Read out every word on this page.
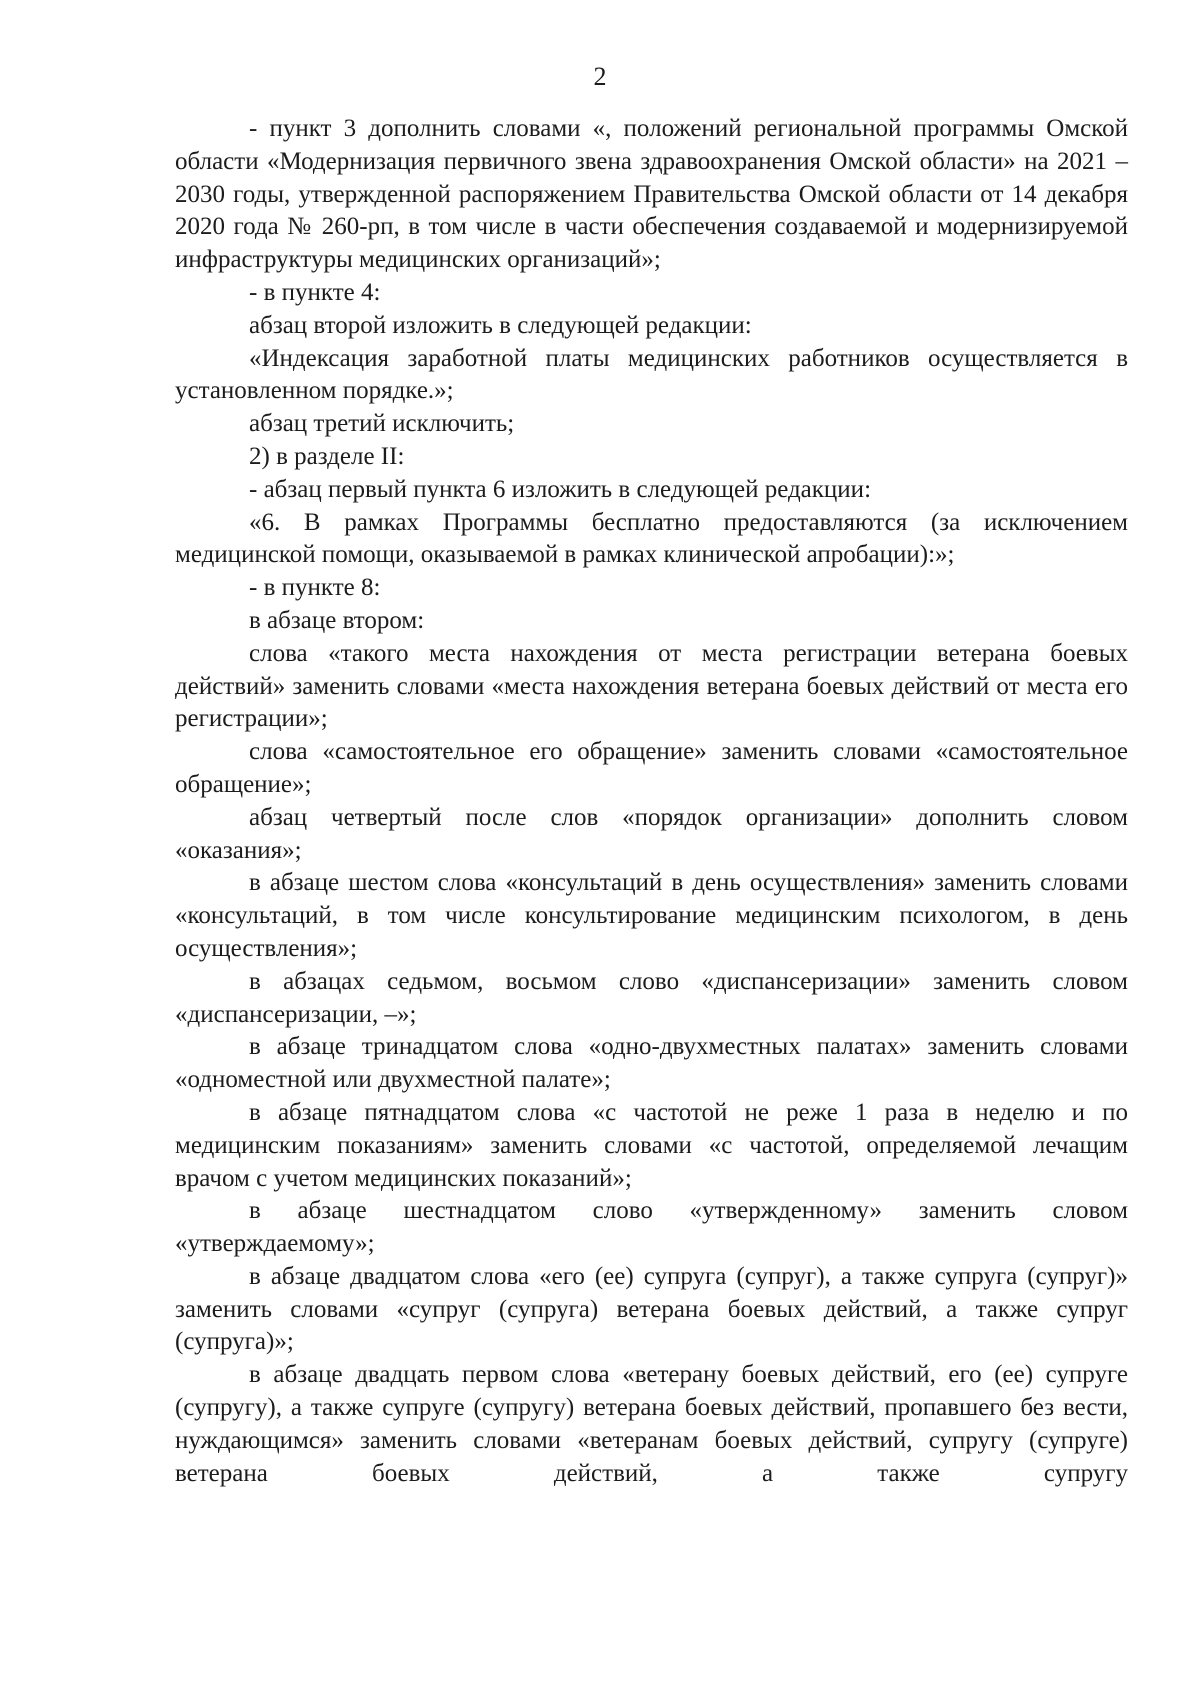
2

- пункт 3 дополнить словами «, положений региональной программы Омской области «Модернизация первичного звена здравоохранения Омской области» на 2021 – 2030 годы, утвержденной распоряжением Правительства Омской области от 14 декабря 2020 года № 260-рп, в том числе в части обеспечения создаваемой и модернизируемой инфраструктуры медицинских организаций»;

- в пункте 4:

абзац второй изложить в следующей редакции:

«Индексация заработной платы медицинских работников осуществляется в установленном порядке.»;

абзац третий исключить;

2) в разделе II:

- абзац первый пункта 6 изложить в следующей редакции:

«6. В рамках Программы бесплатно предоставляются (за исключением медицинской помощи, оказываемой в рамках клинической апробации):»;

- в пункте 8:

в абзаце втором:

слова «такого места нахождения от места регистрации ветерана боевых действий» заменить словами «места нахождения ветерана боевых действий от места его регистрации»;

слова «самостоятельное его обращение» заменить словами «самостоятельное обращение»;

абзац четвертый после слов «порядок организации» дополнить словом «оказания»;

в абзаце шестом слова «консультаций в день осуществления» заменить словами «консультаций, в том числе консультирование медицинским психологом, в день осуществления»;

в абзацах седьмом, восьмом слово «диспансеризации» заменить словом «диспансеризации, –»;

в абзаце тринадцатом слова «одно-двухместных палатах» заменить словами «одноместной или двухместной палате»;

в абзаце пятнадцатом слова «с частотой не реже 1 раза в неделю и по медицинским показаниям» заменить словами «с частотой, определяемой лечащим врачом с учетом медицинских показаний»;

в абзаце шестнадцатом слово «утвержденному» заменить словом «утверждаемому»;

в абзаце двадцатом слова «его (ее) супруга (супруг), а также супруга (супруг)» заменить словами «супруг (супруга) ветерана боевых действий, а также супруг (супруга)»;

в абзаце двадцать первом слова «ветерану боевых действий, его (ее) супруге (супругу), а также супруге (супругу) ветерана боевых действий, пропавшего без вести, нуждающимся» заменить словами «ветеранам боевых действий, супругу (супруге) ветерана боевых действий, а также супругу
